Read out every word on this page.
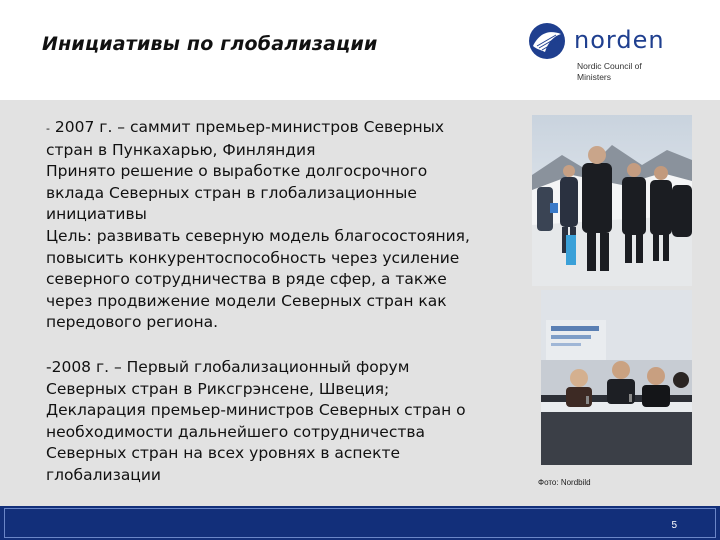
Инициативы по глобализации	norden
Nordic Council of Ministers
- 2007 г. – саммит премьер-министров Северных
стран в Пункахарью, Финляндия
Принято решение о выработке долгосрочного
вклада Северных стран в глобализационные
инициативы
Цель: развивать северную модель благосостояния,
повысить конкурентоспособность через усиление
северного сотрудничества в ряде сфер, а также
через продвижение модели Северных стран как
передового региона.
-2008 г. – Первый глобализационный форум
Северных стран в Рикcгрэнсене, Швеция;
Декларация премьер-министров Северных стран о
необходимости дальнейшего сотрудничества
Северных стран на всех уровнях в аспекте
глобализации	Фото: Nordbild
5
